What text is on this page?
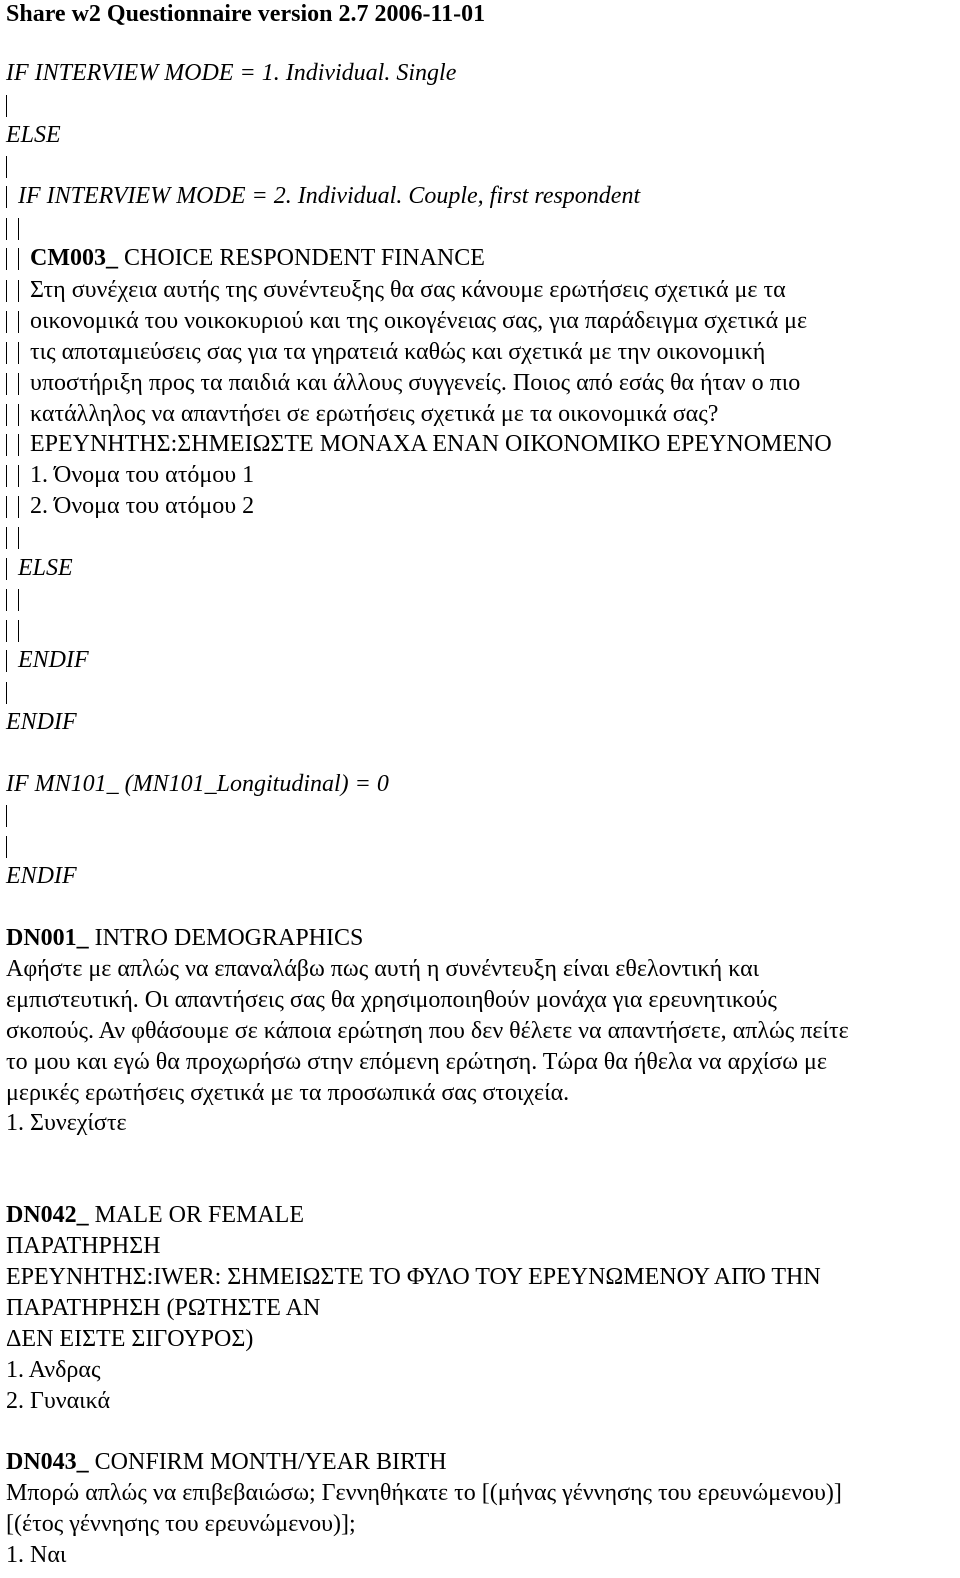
Share w2 Questionnaire version 2.7 2006-11-01
IF INTERVIEW MODE = 1. Individual. Single
ELSE
IF INTERVIEW MODE = 2. Individual. Couple, first respondent
CM003_ CHOICE RESPONDENT FINANCE
Στη συνέχεια αυτής της συνέντευξης θα σας κάνουμε ερωτήσεις σχετικά με τα
οικονομικά του νοικοκυριού και της οικογένειας σας, για παράδειγμα σχετικά με
τις αποταμιεύσεις σας για τα γηρατειά καθώς και σχετικά με την οικονομική
υποστήριξη προς τα παιδιά και άλλους συγγενείς. Ποιος από εσάς θα ήταν ο πιο
κατάλληλος να απαντήσει σε ερωτήσεις σχετικά με τα οικονομικά σας?
ΕΡΕΥΝΗΤΗΣ:ΣΗΜΕΙΩΣΤΕ ΜΟΝΑΧΑ ΕΝΑΝ ΟΙΚΟΝΟΜΙΚΟ ΕΡΕΥΝΟΜΕΝΟ
1. Όνομα του ατόμου 1
2. Όνομα του ατόμου 2
ELSE
ENDIF
ENDIF
IF MN101_ (MN101_Longitudinal) = 0
ENDIF
DN001_ INTRO DEMOGRAPHICS
Αφήστε με απλώς να επαναλάβω πως αυτή η συνέντευξη είναι εθελοντική και
εμπιστευτική. Οι απαντήσεις σας θα χρησιμοποιηθούν μονάχα για ερευνητικούς
σκοπούς. Αν φθάσουμε σε κάποια ερώτηση που δεν θέλετε να απαντήσετε, απλώς πείτε
το μου και εγώ θα προχωρήσω στην επόμενη ερώτηση. Τώρα θα ήθελα να αρχίσω με
μερικές ερωτήσεις σχετικά με τα προσωπικά σας στοιχεία.
1. Συνεχίστε
DN042_ MALE OR FEMALE
ΠΑΡΑΤΗΡΗΣΗ
ΕΡΕΥΝΗΤΗΣ:IWER: ΣΗΜΕΙΩΣΤΕ ΤΟ ΦΥΛΟ ΤΟΥ ΕΡΕΥΝΩΜΕΝΟΥ ΑΠΌ ΤΗΝ
ΠΑΡΑΤΗΡΗΣΗ (ΡΩΤΗΣΤΕ ΑΝ
ΔΕΝ ΕΙΣΤΕ ΣΙΓΟΥΡΟΣ)
1. Ανδρας
2. Γυναικά
DN043_ CONFIRM MONTH/YEAR BIRTH
Μπορώ απλώς να επιβεβαιώσω; Γεννηθήκατε το [(μήνας γέννησης του ερευνώμενου)]
[(έτος γέννησης του ερευνώμενου)];
1. Ναι
